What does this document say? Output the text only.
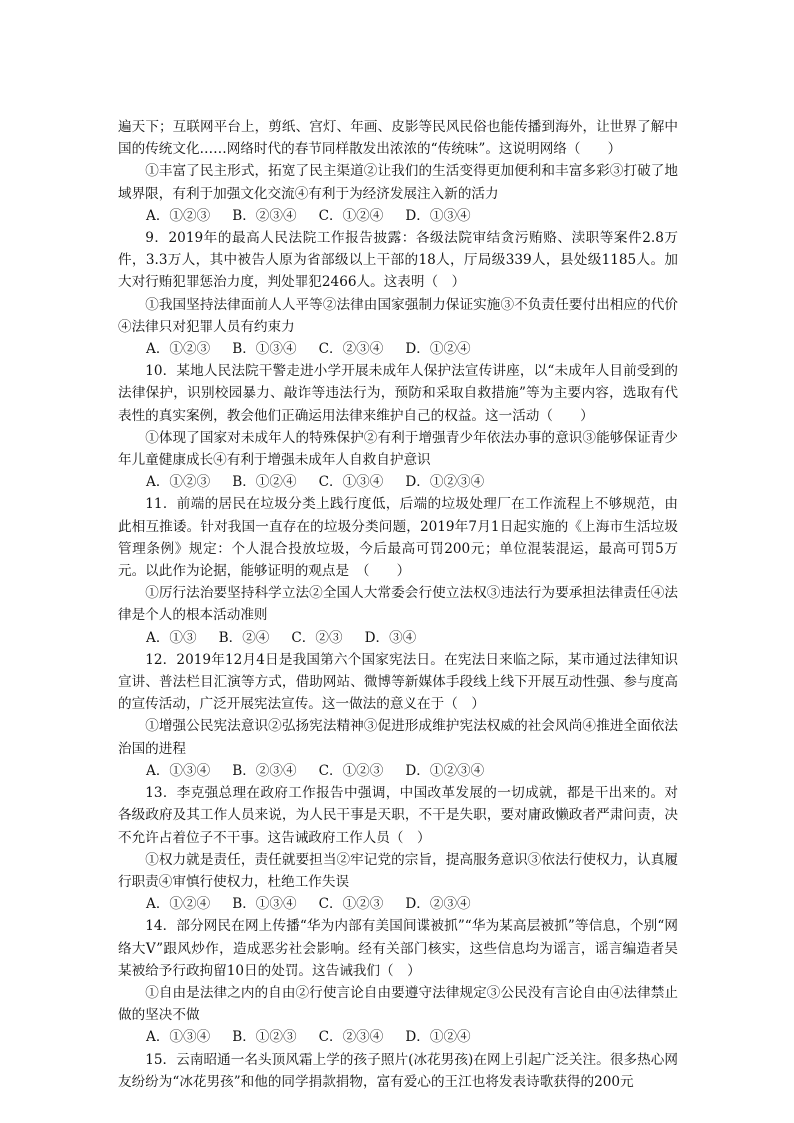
遍天下；互联网平台上，剪纸、宫灯、年画、皮影等民风民俗也能传播到海外，让世界了解中国的传统文化……网络时代的春节同样散发出浓浓的“传统味”。这说明网络（　　）

①丰富了民主形式，拓宽了民主渠道②让我们的生活变得更加便利和丰富多彩③打破了地域界限，有利于加强文化交流④有利于为经济发展注入新的活力

A．①②③ B．②③④ C．①②④ D．①③④

9．2019年的最高人民法院工作报告披露：各级法院审结贪污贿赂、渎职等案件2.8万件，3.3万人，其中被告人原为省部级以上干部的18人，厅局级339人，县处级1185人。加大对行贿犯罪惩治力度，判处罪犯2466人。这表明（　）

①我国坚持法律面前人人平等②法律由国家强制力保证实施③不负责任要付出相应的代价④法律只对犯罪人员有约束力

A．①②③ B．①③④ C．②③④ D．①②④

10．某地人民法院干警走进小学开展未成年人保护法宣传讲座，以“未成年人目前受到的法律保护，识别校园暴力、敲诈等违法行为，预防和采取自救措施”等为主要内容，选取有代表性的真实案例，教会他们正确运用法律来维护自己的权益。这一活动（　　）

①体现了国家对未成年人的特殊保护②有利于增强青少年依法办事的意识③能够保证青少年儿童健康成长④有利于增强未成年人自救自护意识

A．①②③ B．①②④ C．①③④ D．①②③④

11．前端的居民在垃圾分类上践行度低，后端的垃圾处理厂在工作流程上不够规范，由此相互推诿。针对我国一直存在的垃圾分类问题，2019年7月1日起实施的《上海市生活垃圾管理条例》规定：个人混合投放垃圾，今后最高可罚200元；单位混装混运，最高可罚5万元。以此作为论据，能够证明的观点是　（　　）

①厉行法治要坚持科学立法②全国人大常委会行使立法权③违法行为要承担法律责任④法律是个人的根本活动准则

A．①③ B．②④ C．②③ D．③④

12．2019年12月4日是我国第六个国家宪法日。在宪法日来临之际，某市通过法律知识宣讲、普法栏目汇演等方式，借助网站、微博等新媒体手段线上线下开展互动性强、参与度高的宣传活动，广泛开展宪法宣传。这一做法的意义在于（　）

①增强公民宪法意识②弘扬宪法精神③促进形成维护宪法权威的社会风尚④推进全面依法治国的进程

A．①③④ B．②③④ C．①②③ D．①②③④

13．李克强总理在政府工作报告中强调，中国改革发展的一切成就，都是干出来的。对各级政府及其工作人员来说，为人民干事是天职，不干是失职，要对庸政懒政者严肃问责，决不允许占着位子不干事。这告诫政府工作人员（　）

①权力就是责任，责任就要担当②牢记党的宗旨，提高服务意识③依法行使权力，认真履行职责④审慎行使权力，杜绝工作失误

A．①②④ B．①③④ C．①②③ D．②③④

14．部分网民在网上传播“华为内部有美国间谍被抓”“华为某高层被抓”等信息，个别“网络大V”跟风炒作，造成恶劣社会影响。经有关部门核实，这些信息均为谣言，谣言编造者吴某被给予行政拘留10日的处罚。这告诫我们（　）

①自由是法律之内的自由②行使言论自由要遵守法律规定③公民没有言论自由④法律禁止做的坚决不做

A．①③④ B．①②③ C．②③④ D．①②④

15．云南昭通一名头顶风霜上学的孩子照片(冰花男孩)在网上引起广泛关注。很多热心网友纷纷为“冰花男孩”和他的同学捐款捐物，富有爱心的王江也将发表诗歌获得的200元
